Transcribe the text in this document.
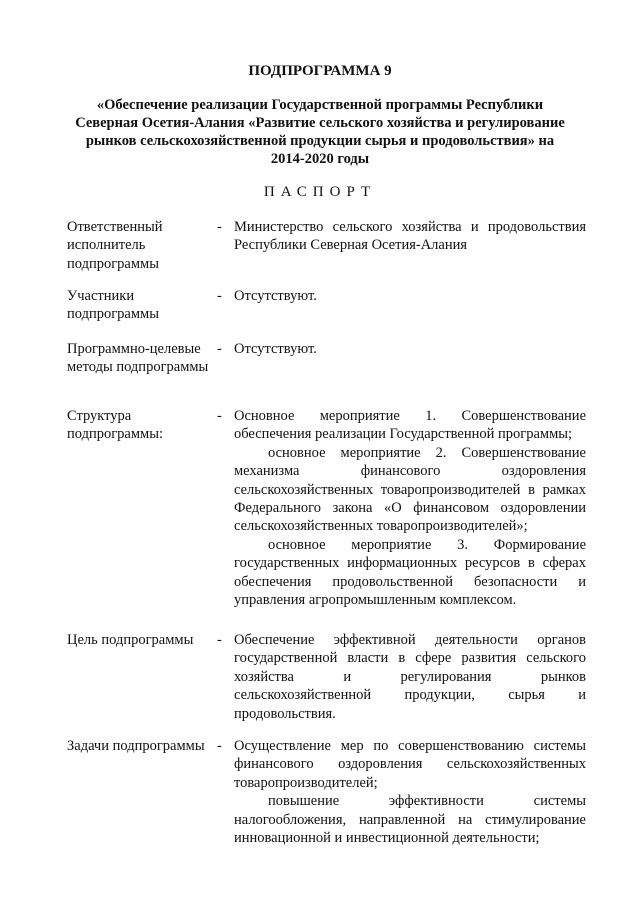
ПОДПРОГРАММА 9

«Обеспечение реализации Государственной программы Республики Северная Осетия-Алания «Развитие сельского хозяйства и регулирование рынков сельскохозяйственной продукции сырья и продовольствия» на 2014-2020 годы

ПАСПОРТ

Ответственный исполнитель подпрограммы
- Министерство сельского хозяйства и продовольствия Республики Северная Осетия-Алания

Участники подпрограммы
- Отсутствуют.

Программно-целевые методы подпрограммы
- Отсутствуют.

Структура подпрограммы:
- Основное мероприятие 1. Совершенствование обеспечения реализации Государственной программы;

основное мероприятие 2. Совершенствование механизма финансового оздоровления сельскохозяйственных товаропроизводителей в рамках Федерального закона «О финансовом оздоровлении сельскохозяйственных товаропроизводителей»;

основное мероприятие 3. Формирование государственных информационных ресурсов в сферах обеспечения продовольственной безопасности и управления агропромышленным комплексом.

Цель подпрограммы	- Обеспечение эффективной деятельности органов государственной власти в сфере развития сельского хозяйства и регулирования рынков сельскохозяйственной продукции, сырья и продовольствия.

Задачи подпрограммы - Осуществление мер по совершенствованию системы финансового оздоровления сельскохозяйственных товаропроизводителей;

повышение эффективности системы налогообложения, направленной на стимулирование инновационной и инвестиционной деятельности;
